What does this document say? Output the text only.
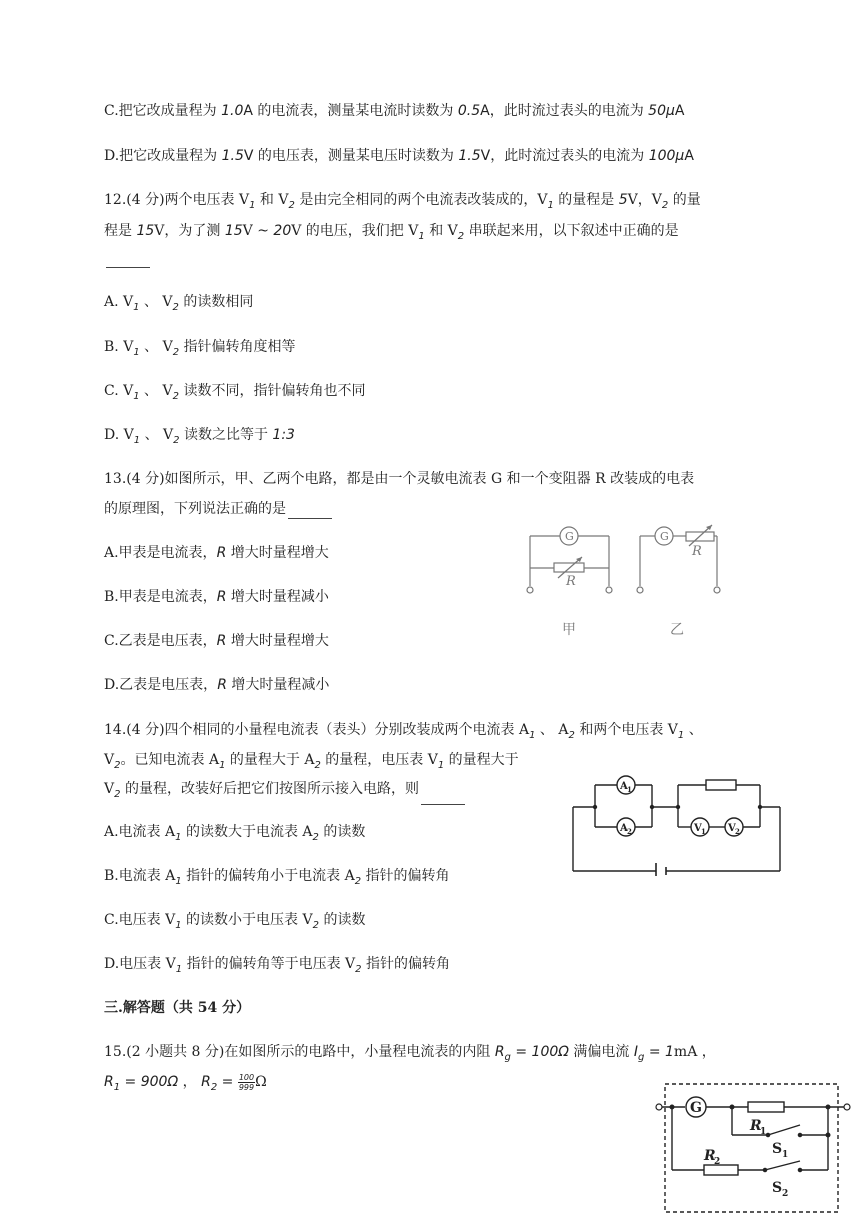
C.把它改成量程为 1.0A 的电流表，测量某电流时读数为 0.5A，此时流过表头的电流为 50μA
D.把它改成量程为 1.5V 的电压表，测量某电压时读数为 1.5V，此时流过表头的电流为 100μA
12.(4 分)两个电压表 $V_1$ 和 $V_2$ 是由完全相同的两个电流表改装成的，$V_1$ 的量程是 5V，$V_2$ 的量
程是 15V，为了测 15V ~ 20V 的电压，我们把 $V_1$ 和 $V_2$ 串联起来用，以下叙述中正确的是
A. $V_1$ 、 $V_2$ 的读数相同
B. $V_1$ 、 $V_2$ 指针偏转角度相等
C. $V_1$ 、 $V_2$ 读数不同，指针偏转角也不同
D. $V_1$ 、 $V_2$ 读数之比等于 1:3
13.(4 分)如图所示，甲、乙两个电路，都是由一个灵敏电流表 G 和一个变阻器 R 改装成的电表
的原理图，下列说法正确的是
A.甲表是电流表，R 增大时量程增大
B.甲表是电流表，R 增大时量程减小
C.乙表是电压表，R 增大时量程增大
D.乙表是电压表，R 增大时量程减小
G	G
R
R
甲	乙
14.(4 分)四个相同的小量程电流表（表头）分别改装成两个电流表 $A_1$ 、 $A_2$ 和两个电压表 $V_1$ 、
$V_2$。已知电流表 $A_1$ 的量程大于 $A_2$ 的量程，电压表 $V_1$ 的量程大于
$V_2$ 的量程，改装好后把它们按图所示接入电路，则
A.电流表 $A_1$ 的读数大于电流表 $A_2$ 的读数
B.电流表 $A_1$ 指针的偏转角小于电流表 $A_2$ 指针的偏转角
C.电压表 $V_1$ 的读数小于电压表 $V_2$ 的读数
D.电压表 $V_1$ 指针的偏转角等于电压表 $V_2$ 指针的偏转角
A 1
A 2	V 1 V 2
三.解答题（共 54 分）
15.(2 小题共 8 分)在如图所示的电路中，小量程电流表的内阻 $R_g = 100\Omega$ 满偏电流 $I_g = 1mA$ ，
$R_1 = 900\Omega$ ， $R_2 = \frac{100}{999}$ Ω
G
R
1
R
2
S 1
S 2
